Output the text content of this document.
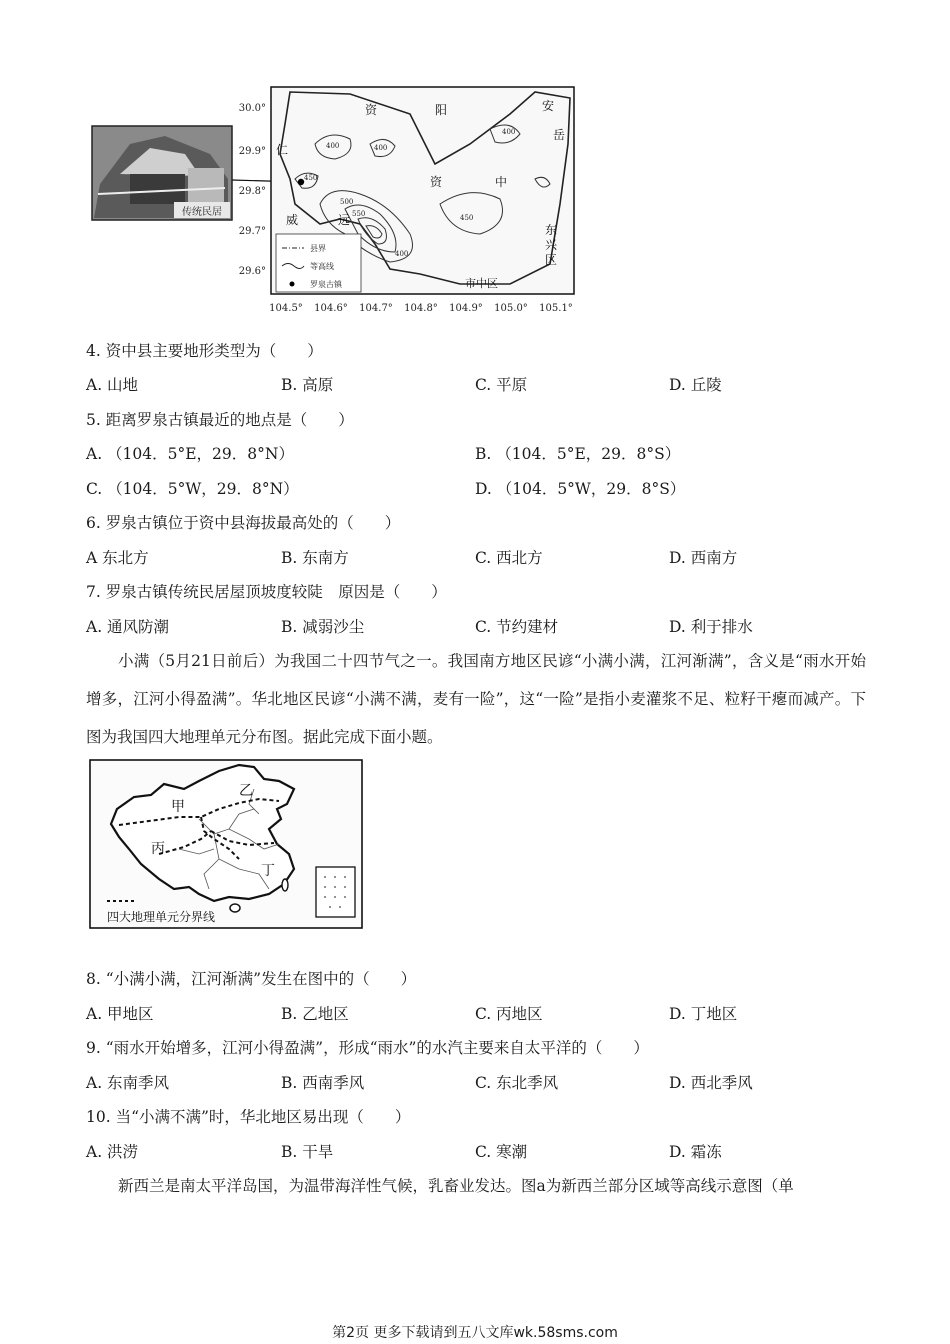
传统民居
400	400
400
450
500
550	450
400
资	阳	安
岳
资	中
仁
威	远
东
兴
区
市中区
县界
等高线
罗泉古镇
30.0°
29.9°
29.8°
29.7°
29.6°
104.5° 104.6° 104.7° 104.8° 104.9° 105.0° 105.1°
4. 资中县主要地形类型为（　　）
A. 山地	B. 高原	C. 平原	D. 丘陵
5. 距离罗泉古镇最近的地点是（　　）
A. （104．5°E，29．8°N）	B. （104．5°E，29．8°S）
C. （104．5°W，29．8°N）	D. （104．5°W，29．8°S）
6. 罗泉古镇位于资中县海拔最高处的（　　）
A 东北方	B. 东南方	C. 西北方	D. 西南方
7. 罗泉古镇传统民居屋顶坡度较陡　原因是（　　）
A. 通风防潮	B. 减弱沙尘	C. 节约建材	D. 利于排水

小满（5月21日前后）为我国二十四节气之一。我国南方地区民谚“小满小满，江河渐满”，含义是“雨水开始增多，江河小得盈满”。华北地区民谚“小满不满，麦有一险”，这“一险”是指小麦灌浆不足、粒籽干瘪而减产。下图为我国四大地理单元分布图。据此完成下面小题。

甲
乙
丙
丁
四大地理单元分界线
8. “小满小满，江河渐满”发生在图中的（　　）
A. 甲地区	B. 乙地区	C. 丙地区	D. 丁地区
9. “雨水开始增多，江河小得盈满”，形成“雨水”的水汽主要来自太平洋的（　　）
A. 东南季风	B. 西南季风	C. 东北季风	D. 西北季风
10. 当“小满不满”时，华北地区易出现（　　）
A. 洪涝	B. 干旱	C. 寒潮	D. 霜冻

新西兰是南太平洋岛国，为温带海洋性气候，乳畜业发达。图a为新西兰部分区域等高线示意图（单

第2页 更多下载请到五八文库wk.58sms.com
